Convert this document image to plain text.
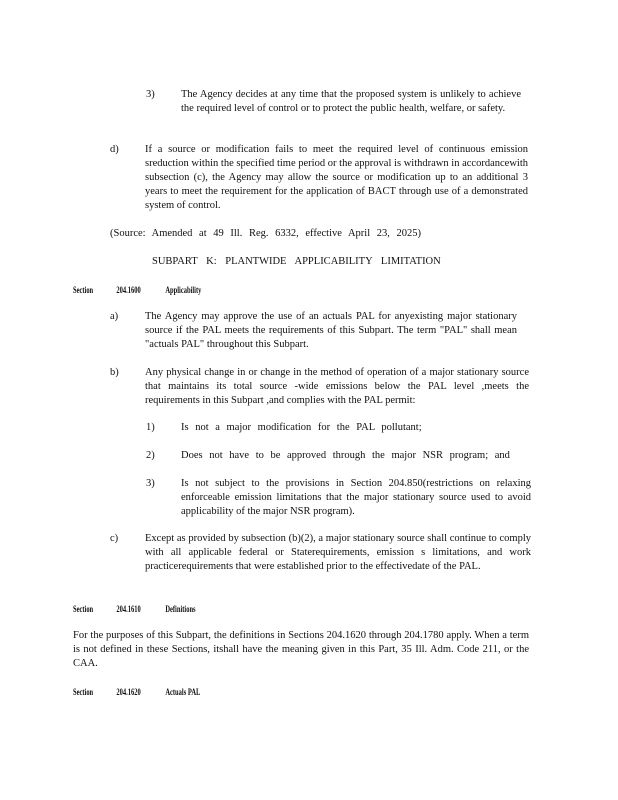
3)	The Agency decides at any time that the proposed system is unlikely to achieve the required level of control or to protect the public health, welfare, or safety.
d)	If a source or modification fails to meet the required level of continuous emission sreduction within the specified time period or the approval is withdrawn in accordancewith subsection (c), the Agency may allow the source or modification up to an additional 3 years to meet the requirement for the application of BACT through use of a demonstrated system of control.
(Source: Amended at 49 Ill. Reg. 6332, effective April 23, 2025)
SUBPART K: PLANTWIDE APPLICABILITY LIMITATION
Section	204.1600	Applicability
a)	The Agency may approve the use of an actuals PAL for anyexisting major stationary source if the PAL meets the requirements of this Subpart. The term "PAL" shall mean "actuals PAL" throughout this Subpart.
b)	Any physical change in or change in the method of operation of a major stationary source that maintains its total source -wide emissions below the PAL level ,meets the requirements in this Subpart ,and complies with the PAL permit:
1)	Is not a major modification for the PAL pollutant;
2)	Does not have to be approved through the major NSR program; and
3)	Is not subject to the provisions in Section 204.850(restrictions on relaxing enforceable emission limitations that the major stationary source used to avoid applicability of the major NSR program).
c)	Except as provided by subsection (b)(2), a major stationary source shall continue to comply with all applicable federal or Staterequirements, emission s limitations, and work practicerequirements that were established prior to the effectivedate of the PAL.
Section	204.1610	Definitions
For the purposes of this Subpart, the definitions in Sections 204.1620 through 204.1780 apply. When a term is not defined in these Sections, itshall have the meaning given in this Part, 35 Ill. Adm. Code 211, or the CAA.
Section	204.1620	Actuals PAL
